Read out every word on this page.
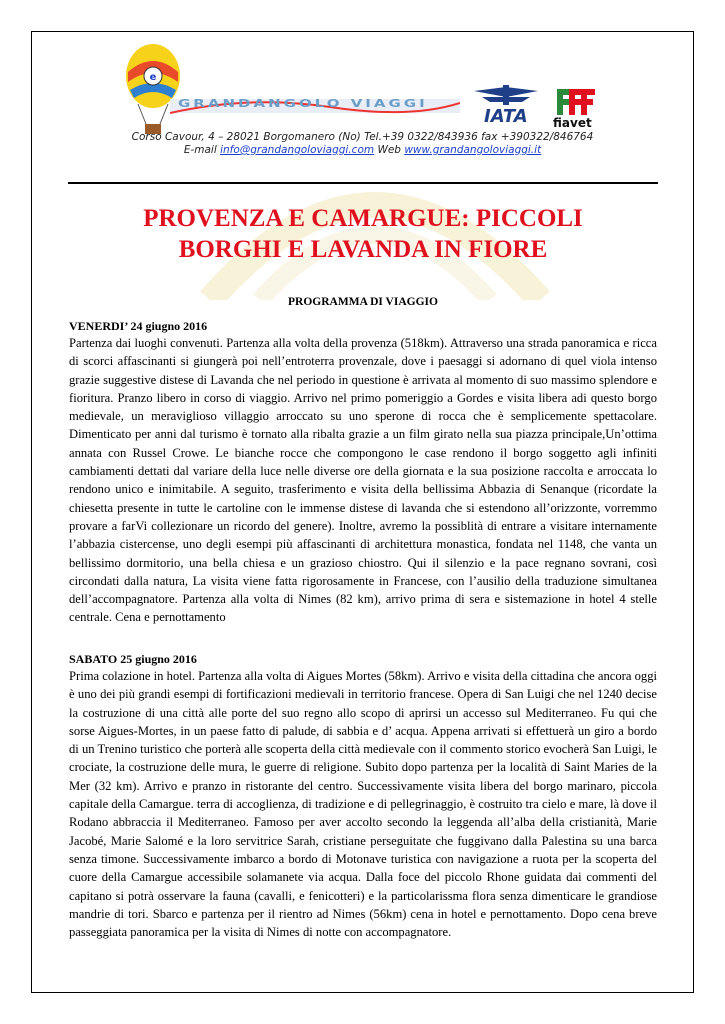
e
GRANDANGOLO VIAGGI
IATA fiavet
Corso Cavour, 4 – 28021 Borgomanero (No) Tel.+39 0322/843936 fax +390322/846764
E-mail info@grandangoloviaggi.com Web www.grandangoloviaggi.it
PROVENZA E CAMARGUE: PICCOLI
BORGHI E LAVANDA IN FIORE
PROGRAMMA DI VIAGGIO
VENERDI’ 24 giugno 2016
Partenza dai luoghi convenuti. Partenza alla volta della provenza (518km). Attraverso una strada panoramica e ricca di scorci affascinanti si giungerà poi nell’entroterra provenzale, dove i paesaggi si adornano di quel viola intenso grazie suggestive distese di Lavanda che nel periodo in questione è arrivata al momento di suo massimo splendore e fioritura. Pranzo libero in corso di viaggio. Arrivo nel primo pomeriggio a Gordes e visita libera adi questo borgo medievale, un meraviglioso villaggio arroccato su uno sperone di rocca che è semplicemente spettacolare. Dimenticato per anni dal turismo è tornato alla ribalta grazie a un film girato nella sua piazza principale,Un’ottima annata con Russel Crowe. Le bianche rocce che compongono le case rendono il borgo soggetto agli infiniti cambiamenti dettati dal variare della luce nelle diverse ore della giornata e la sua posizione raccolta e arroccata lo rendono unico e inimitabile. A seguito, trasferimento e visita della bellissima Abbazia di Senanque (ricordate la chiesetta presente in tutte le cartoline con le immense distese di lavanda che si estendono all’orizzonte, vorremmo provare a farVi collezionare un ricordo del genere). Inoltre, avremo la possiblità di entrare a visitare internamente l’abbazia cistercense, uno degli esempi più affascinanti di architettura monastica, fondata nel 1148, che vanta un bellissimo dormitorio, una bella chiesa e un grazioso chiostro. Qui il silenzio e la pace regnano sovrani, così circondati dalla natura, La visita viene fatta rigorosamente in Francese, con l’ausilio della traduzione simultanea dell’accompagnatore. Partenza alla volta di Nimes (82 km), arrivo prima di sera e sistemazione in hotel 4 stelle centrale. Cena e pernottamento
SABATO 25 giugno 2016
Prima colazione in hotel. Partenza alla volta di Aigues Mortes (58km). Arrivo e visita della cittadina che ancora oggi è uno dei più grandi esempi di fortificazioni medievali in territorio francese. Opera di San Luigi che nel 1240 decise la costruzione di una città alle porte del suo regno allo scopo di aprirsi un accesso sul Mediterraneo. Fu qui che sorse Aigues-Mortes, in un paese fatto di palude, di sabbia e d’ acqua. Appena arrivati si effettuerà un giro a bordo di un Trenino turistico che porterà alle scoperta della città medievale con il commento storico evocherà San Luigi, le crociate, la costruzione delle mura, le guerre di religione. Subito dopo partenza per la località di Saint Maries de la Mer (32 km). Arrivo e pranzo in ristorante del centro. Successivamente visita libera del borgo marinaro, piccola capitale della Camargue. terra di accoglienza, di tradizione e di pellegrinaggio, è costruito tra cielo e mare, là dove il Rodano abbraccia il Mediterraneo. Famoso per aver accolto secondo la leggenda all’alba della cristianità, Marie Jacobé, Marie Salomé e la loro servitrice Sarah, cristiane perseguitate che fuggivano dalla Palestina su una barca senza timone. Successivamente imbarco a bordo di Motonave turistica con navigazione a ruota per la scoperta del cuore della Camargue accessibile solamanete via acqua. Dalla foce del piccolo Rhone guidata dai commenti del capitano si potrà osservare la fauna (cavalli, e fenicotteri) e la particolarissma flora senza dimenticare le grandiose mandrie di tori. Sbarco e partenza per il rientro ad Nimes (56km) cena in hotel e pernottamento. Dopo cena breve passeggiata panoramica per la visita di Nimes di notte con accompagnatore.
